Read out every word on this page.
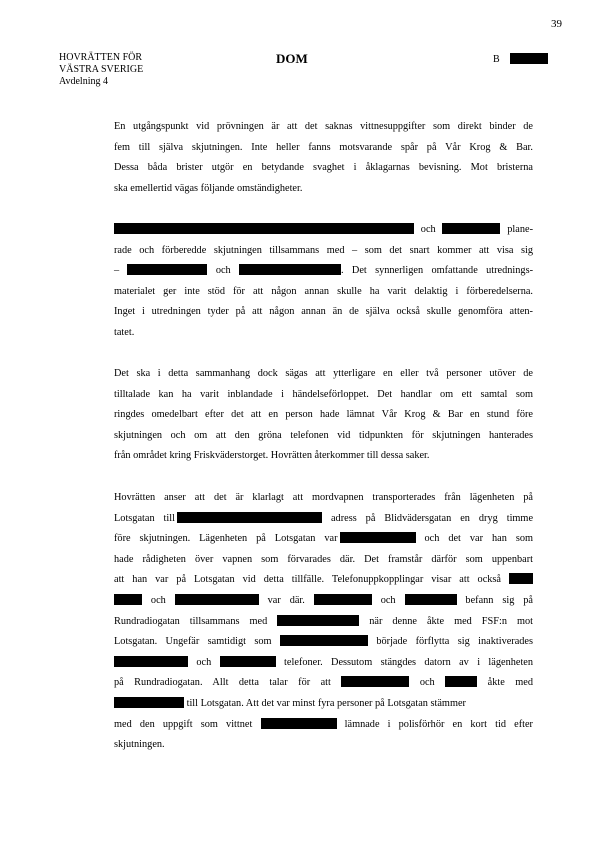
39
HOVRÄTTEN FÖR
VÄSTRA SVERIGE
Avdelning 4
DOM	B
En utgångspunkt vid prövningen är att det saknas vittnesuppgifter som direkt binder de
fem till själva skjutningen. Inte heller fanns motsvarande spår på Vår Krog & Bar.
Dessa båda brister utgör en betydande svaghet i åklagarnas bevisning. Mot bristerna
ska emellertid vägas följande omständigheter.
och	plane-
rade och förberedde skjutningen tillsammans med – som det snart kommer att visa sig
–	och	. Det synnerligen omfattande utrednings-
materialet ger inte stöd för att någon annan skulle ha varit delaktig i förberedelserna.
Inget i utredningen tyder på att någon annan än de själva också skulle genomföra atten-
tatet.
Det ska i detta sammanhang dock sägas att ytterligare en eller två personer utöver de
tilltalade kan ha varit inblandade i händelseförloppet. Det handlar om ett samtal som
ringdes omedelbart efter det att en person hade lämnat Vår Krog & Bar en stund före
skjutningen och om att den gröna telefonen vid tidpunkten för skjutningen hanterades
från området kring Friskväderstorget. Hovrätten återkommer till dessa saker.
Hovrätten anser att det är klarlagt att mordvapnen transporterades från lägenheten på
Lotsgatan till	adress på Blidvädersgatan en dryg timme
före skjutningen. Lägenheten på Lotsgatan var	och det var han som
hade rådigheten över vapnen som förvarades där. Det framstår därför som uppenbart
att han var på Lotsgatan vid detta tillfälle. Telefonuppkopplingar visar att också
och	var där.	och	befann sig på
Rundradiogatan tillsammans med	när denne åkte med FSF:n mot
Lotsgatan. Ungefär samtidigt som	började förflytta sig inaktiverades
och	telefoner. Dessutom stängdes datorn av i lägenheten
på Rundradiogatan. Allt detta talar för att	och	åkte med
till Lotsgatan. Att det var minst fyra personer på Lotsgatan stämmer
med den uppgift som vittnet	lämnade i polisförhör en kort tid efter
skjutningen.
